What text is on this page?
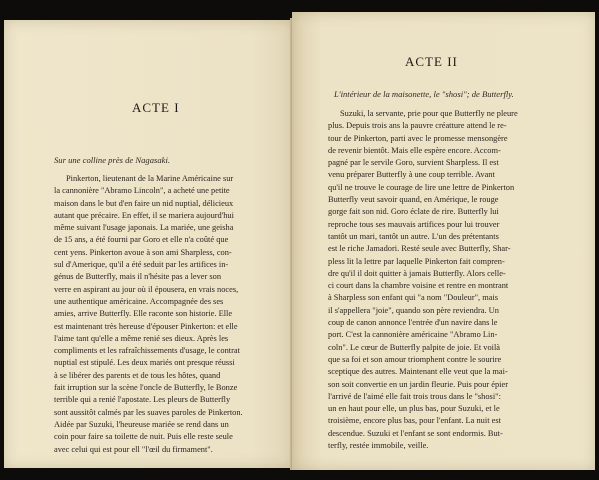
ACTE I

Sur une colline près de Nagasaki.

Pinkerton, lieutenant de la Marine Américaine sur
la cannonière "Abramo Lincoln", a acheté une petite
maison dans le but d'en faire un nid nuptial, délicieux
autant que précaire. En effet, il se mariera aujourd'hui
même suivant l'usage japonais. La mariée, une geisha
de 15 ans, a été fourni par Goro et elle n'a coûté que
cent yens. Pinkerton avoue à son ami Sharpless, con-
sul d'Amerique, qu'il a été seduit par les artifices in-
génus de Butterfly, mais il n'hésite pas a lever son
verre en aspirant au jour où il épousera, en vrais noces,
une authentique américaine. Accompagnée des ses
amies, arrive Butterfly. Elle raconte son historie. Elle
est maintenant très hereuse d'épouser Pinkerton: et elle
l'aime tant qu'elle a même renié ses dieux. Après les
compliments et les rafraîchissements d'usage, le contrat
nuptial est stipulé. Les deux mariés ont presque réussi
à se libérer des parents et de tous les hôtes, quand
fait irruption sur la scène l'oncle de Butterfly, le Bonze
terrible qui a renié l'apostate. Les pleurs de Butterfly
sont aussitôt calmés par les suaves paroles de Pinkerton.
Aidée par Suzuki, l'heureuse mariée se rend dans un
coin pour faire sa toilette de nuit. Puis elle reste seule
avec celui qui est pour ell "l'œil du firmament".
ACTE II

L'intérieur de la maisonette, le "shosi"; de Butterfly.

Suzuki, la servante, prie pour que Butterfly ne pleure
plus. Depuis trois ans la pauvre créatture attend le re-
tour de Pinkerton, parti avec le promesse mensongère
de revenir bientôt. Mais elle espère encore. Accom-
pagné par le servile Goro, survient Sharpless. Il est
venu préparer Butterfly à une coup terrible. Avant
qu'il ne trouve le courage de lire une lettre de Pinkerton
Butterfly veut savoir quand, en Amérique, le rouge
gorge fait son nid. Goro éclate de rire. Butterfly lui
reproche tous ses mauvais artifices pour lui trouver
tantôt un mari, tantôt un autre. L'un des prétentants
est le riche Jamadori. Resté seule avec Butterfly, Shar-
pless lit la lettre par laquelle Pinkerton fait compren-
dre qu'il il doit quitter à jamais Butterfly. Alors celle-
ci court dans la chambre voisine et rentre en montrant
à Sharpless son enfant qui "a nom "Douleur", mais
il s'appellera "joie", quando son père reviendra. Un
coup de canon annonce l'entrée d'un navire dans le
port. C'est la cannonière américaine "Abramo Lin-
coln". Le cœur de Butterfly palpite de joie. Et voilà
que sa foi et son amour triomphent contre le sourire
sceptique des autres. Maintenant elle veut que la mai-
son soit convertie en un jardin fleurie. Puis pour épier
l'arrivé de l'aimé elle fait trois trous dans le "shosi":
un en haut pour elle, un plus bas, pour Suzuki, et le
troisième, encore plus bas, pour l'enfant. La nuit est
descendue. Suzuki et l'enfant se sont endormis. But-
terfly, restée immobile, veille.
